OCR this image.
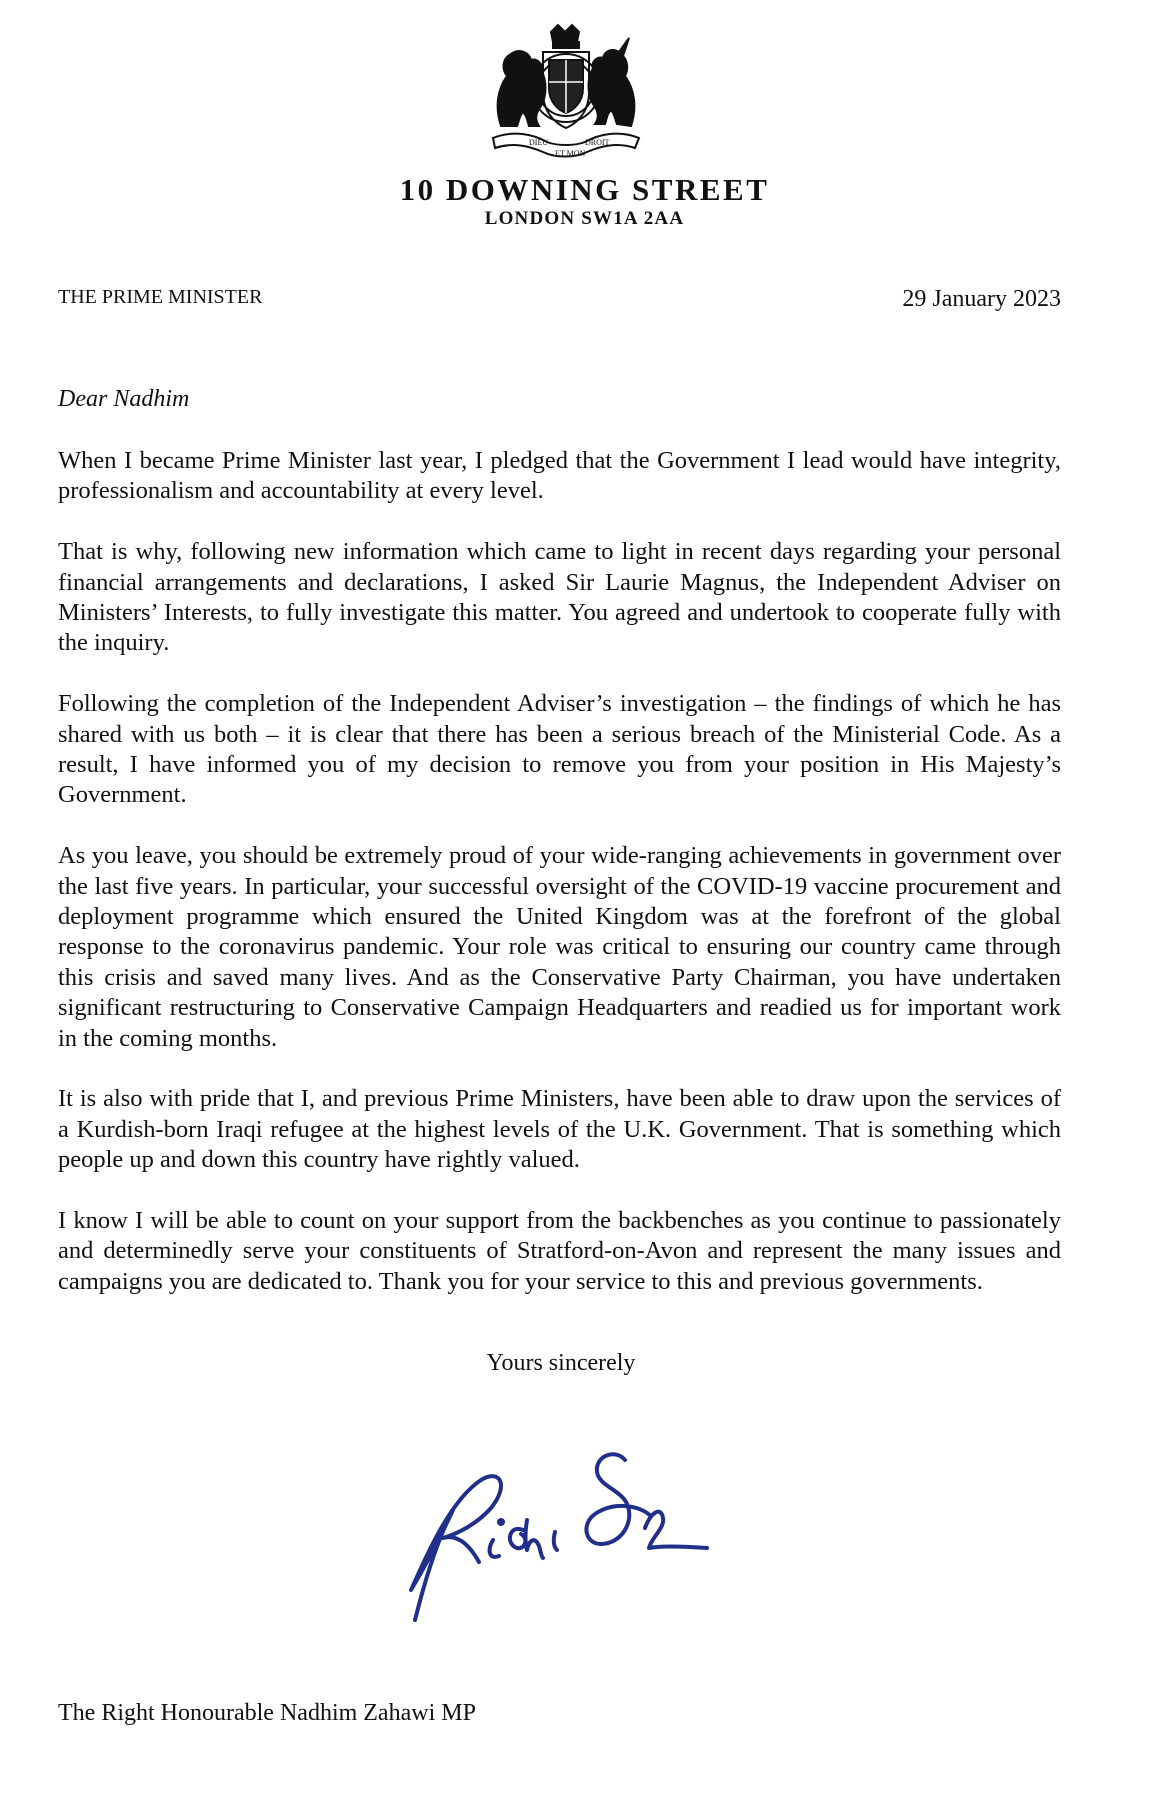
DIEU
ET MON
DROIT
10 DOWNING STREET
LONDON SW1A 2AA
THE PRIME MINISTER	29 January 2023
Dear Nadhim

When I became Prime Minister last year, I pledged that the Government I lead would have integrity, professionalism and accountability at every level.

That is why, following new information which came to light in recent days regarding your personal financial arrangements and declarations, I asked Sir Laurie Magnus, the Independent Adviser on Ministers’ Interests, to fully investigate this matter. You agreed and undertook to cooperate fully with the inquiry.

Following the completion of the Independent Adviser’s investigation – the findings of which he has shared with us both – it is clear that there has been a serious breach of the Ministerial Code. As a result, I have informed you of my decision to remove you from your position in His Majesty’s Government.

As you leave, you should be extremely proud of your wide-ranging achievements in government over the last five years. In particular, your successful oversight of the COVID-19 vaccine procurement and deployment programme which ensured the United Kingdom was at the forefront of the global response to the coronavirus pandemic. Your role was critical to ensuring our country came through this crisis and saved many lives. And as the Conservative Party Chairman, you have undertaken significant restructuring to Conservative Campaign Headquarters and readied us for important work in the coming months.

It is also with pride that I, and previous Prime Ministers, have been able to draw upon the services of a Kurdish-born Iraqi refugee at the highest levels of the U.K. Government. That is something which people up and down this country have rightly valued.

I know I will be able to count on your support from the backbenches as you continue to passionately and determinedly serve your constituents of Stratford-on-Avon and represent the many issues and campaigns you are dedicated to. Thank you for your service to this and previous governments.

Yours sincerely
Rishi Sunak
The Right Honourable Nadhim Zahawi MP
